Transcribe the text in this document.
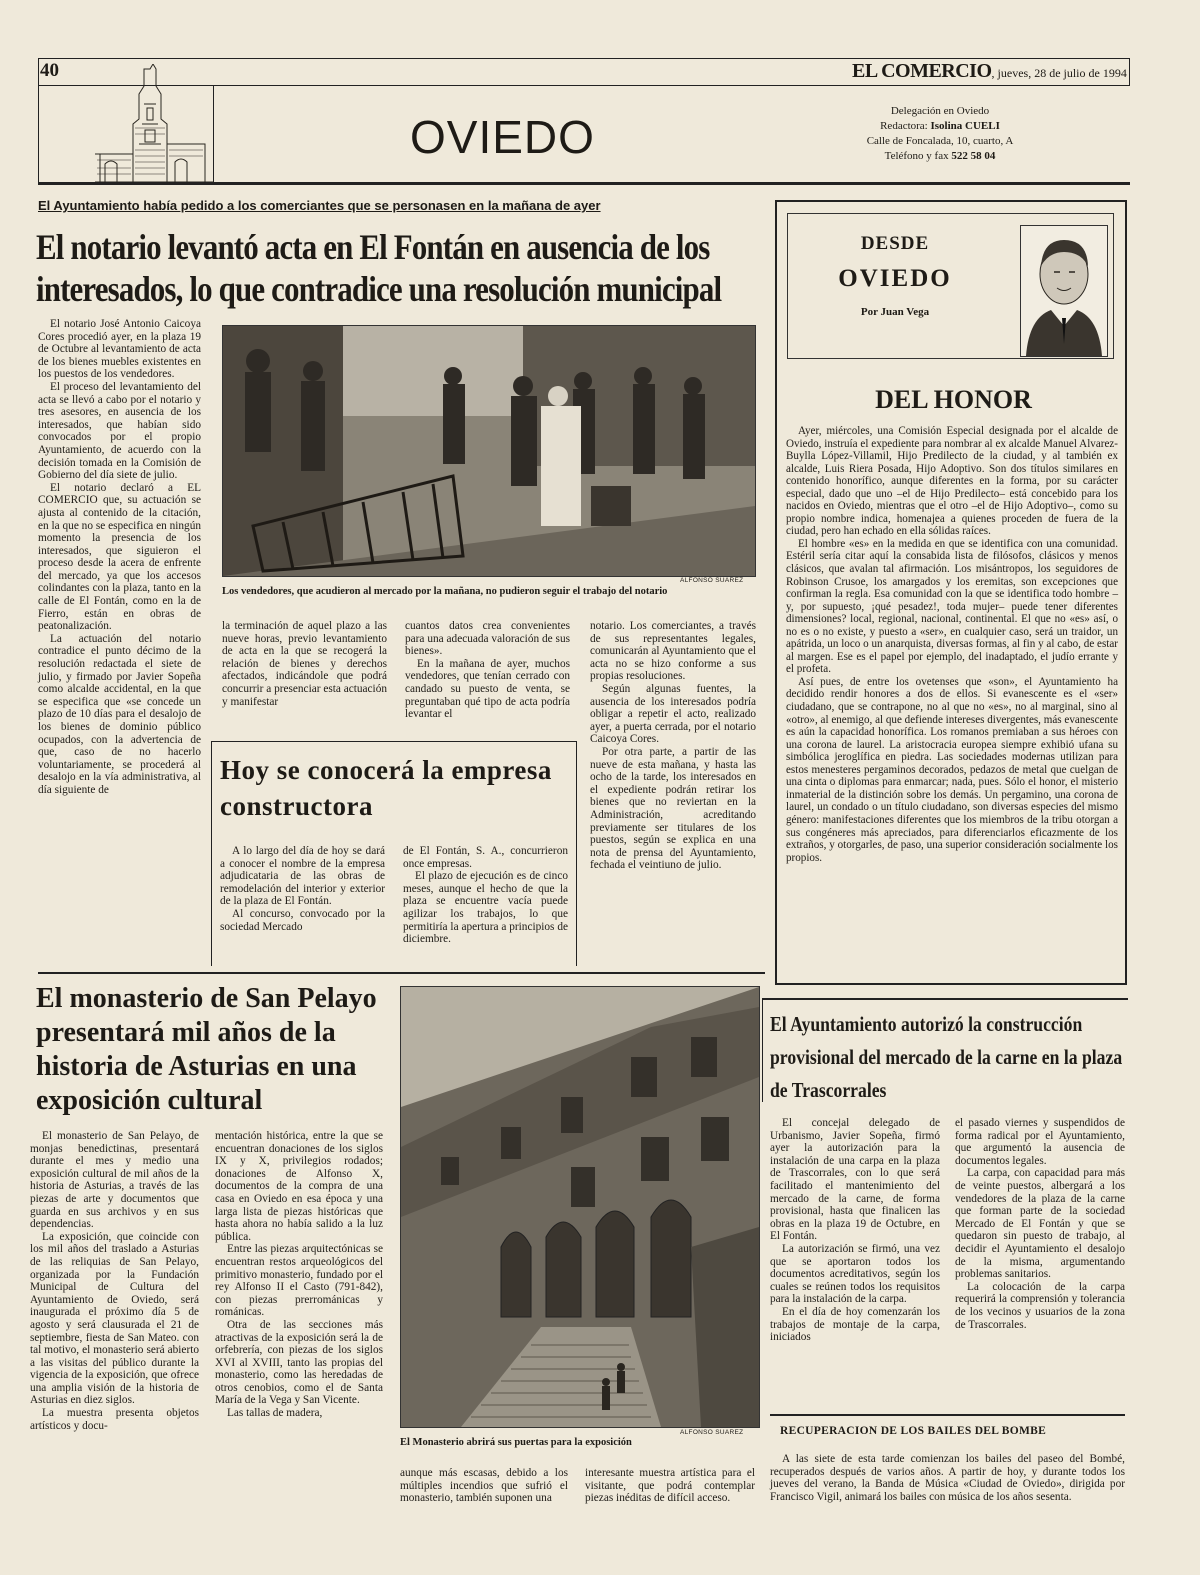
40	EL COMERCIO, jueves, 28 de julio de 1994
OVIEDO	Delegación en Oviedo
Redactora: Isolina CUELI
Calle de Foncalada, 10, cuarto, A
Teléfono y fax 522 58 04
El Ayuntamiento había pedido a los comerciantes que se personasen en la mañana de ayer
El notario levantó acta en El Fontán en ausencia de los interesados, lo que contradice una resolución municipal

El notario José Antonio Caicoya Cores procedió ayer, en la plaza 19 de Octubre al levantamiento de acta de los bienes muebles existentes en los puestos de los vendedores.

El proceso del levantamiento del acta se llevó a cabo por el notario y tres asesores, en ausencia de los interesados, que habían sido convocados por el propio Ayuntamiento, de acuerdo con la decisión tomada en la Comisión de Gobierno del día siete de julio.

El notario declaró a EL COMERCIO que, su actuación se ajusta al contenido de la citación, en la que no se especifica en ningún momento la presencia de los interesados, que siguieron el proceso desde la acera de enfrente del mercado, ya que los accesos colindantes con la plaza, tanto en la calle de El Fontán, como en la de Fierro, están en obras de peatonalización.

La actuación del notario contradice el punto décimo de la resolución redactada el siete de julio, y firmado por Javier Sopeña como alcalde accidental, en la que se especifica que «se concede un plazo de 10 días para el desalojo de los bienes de dominio público ocupados, con la advertencia de que, caso de no hacerlo voluntariamente, se procederá al desalojo en la vía administrativa, al día siguiente de

ALFONSO SUAREZ
Los vendedores, que acudieron al mercado por la mañana, no pudieron seguir el trabajo del notario

la terminación de aquel plazo a las nueve horas, previo levantamiento de acta en la que se recogerá la relación de bienes y derechos afectados, indicándole que podrá concurrir a presenciar esta actuación y manifestar

cuantos datos crea convenientes para una adecuada valoración de sus bienes».

En la mañana de ayer, muchos vendedores, que tenían cerrado con candado su puesto de venta, se preguntaban qué tipo de acta podría levantar el

notario. Los comerciantes, a través de sus representantes legales, comunicarán al Ayuntamiento que el acta no se hizo conforme a sus propias resoluciones.

Según algunas fuentes, la ausencia de los interesados podría obligar a repetir el acto, realizado ayer, a puerta cerrada, por el notario Caicoya Cores.

Por otra parte, a partir de las nueve de esta mañana, y hasta las ocho de la tarde, los interesados en el expediente podrán retirar los bienes que no reviertan en la Administración, acreditando previamente ser titulares de los puestos, según se explica en una nota de prensa del Ayuntamiento, fechada el veintiuno de julio.

Hoy se conocerá la empresa constructora

A lo largo del día de hoy se dará a conocer el nombre de la empresa adjudicataria de las obras de remodelación del interior y exterior de la plaza de El Fontán.

Al concurso, convocado por la sociedad Mercado

de El Fontán, S. A., concurrieron once empresas.

El plazo de ejecución es de cinco meses, aunque el hecho de que la plaza se encuentre vacía puede agilizar los trabajos, lo que permitiría la apertura a principios de diciembre.

DESDE
OVIEDO
Por Juan Vega
DEL HONOR

Ayer, miércoles, una Comisión Especial designada por el alcalde de Oviedo, instruía el expediente para nombrar al ex alcalde Manuel Alvarez-Buylla López-Villamil, Hijo Predilecto de la ciudad, y al también ex alcalde, Luis Riera Posada, Hijo Adoptivo. Son dos títulos similares en contenido honorífico, aunque diferentes en la forma, por su carácter especial, dado que uno –el de Hijo Predilecto– está concebido para los nacidos en Oviedo, mientras que el otro –el de Hijo Adoptivo–, como su propio nombre indica, homenajea a quienes proceden de fuera de la ciudad, pero han echado en ella sólidas raíces.

El hombre «es» en la medida en que se identifica con una comunidad. Estéril sería citar aquí la consabida lista de filósofos, clásicos y menos clásicos, que avalan tal afirmación. Los misántropos, los seguidores de Robinson Crusoe, los amargados y los eremitas, son excepciones que confirman la regla. Esa comunidad con la que se identifica todo hombre –y, por supuesto, ¡qué pesadez!, toda mujer– puede tener diferentes dimensiones? local, regional, nacional, continental. El que no «es» así, o no es o no existe, y puesto a «ser», en cualquier caso, será un traidor, un apátrida, un loco o un anarquista, diversas formas, al fin y al cabo, de estar al margen. Ese es el papel por ejemplo, del inadaptado, el judío errante y el profeta.

Así pues, de entre los ovetenses que «son», el Ayuntamiento ha decidido rendir honores a dos de ellos. Si evanescente es el «ser» ciudadano, que se contrapone, no al que no «es», no al marginal, sino al «otro», al enemigo, al que defiende intereses divergentes, más evanescente es aún la capacidad honorífica. Los romanos premiaban a sus héroes con una corona de laurel. La aristocracia europea siempre exhibió ufana su simbólica jeroglífica en piedra. Las sociedades modernas utilizan para estos menesteres pergaminos decorados, pedazos de metal que cuelgan de una cinta o diplomas para enmarcar; nada, pues. Sólo el honor, el misterio inmaterial de la distinción sobre los demás. Un pergamino, una corona de laurel, un condado o un título ciudadano, son diversas especies del mismo género: manifestaciones diferentes que los miembros de la tribu otorgan a sus congéneres más apreciados, para diferenciarlos eficazmente de los extraños, y otorgarles, de paso, una superior consideración socialmente los propios.

El monasterio de San Pelayo presentará mil años de la historia de Asturias en una exposición cultural
ALFONSO SUAREZ
El Monasterio abrirá sus puertas para la exposición

El monasterio de San Pelayo, de monjas benedictinas, presentará durante el mes y medio una exposición cultural de mil años de la historia de Asturias, a través de las piezas de arte y documentos que guarda en sus archivos y en sus dependencias.

La exposición, que coincide con los mil años del traslado a Asturias de las reliquias de San Pelayo, organizada por la Fundación Municipal de Cultura del Ayuntamiento de Oviedo, será inaugurada el próximo día 5 de agosto y será clausurada el 21 de septiembre, fiesta de San Mateo. con tal motivo, el monasterio será abierto a las visitas del público durante la vigencia de la exposición, que ofrece una amplia visión de la historia de Asturias en diez siglos.

La muestra presenta objetos artísticos y docu-

mentación histórica, entre la que se encuentran donaciones de los siglos IX y X, privilegios rodados; donaciones de Alfonso X, documentos de la compra de una casa en Oviedo en esa época y una larga lista de piezas históricas que hasta ahora no había salido a la luz pública.

Entre las piezas arquitectónicas se encuentran restos arqueológicos del primitivo monasterio, fundado por el rey Alfonso II el Casto (791-842), con piezas prerrománicas y románicas.

Otra de las secciones más atractivas de la exposición será la de orfebrería, con piezas de los siglos XVI al XVIII, tanto las propias del monasterio, como las heredadas de otros cenobios, como el de Santa María de la Vega y San Vicente.

Las tallas de madera,

aunque más escasas, debido a los múltiples incendios que sufrió el monasterio, también suponen una

interesante muestra artística para el visitante, que podrá contemplar piezas inéditas de difícil acceso.

El Ayuntamiento autorizó la construcción provisional del mercado de la carne en la plaza de Trascorrales

El concejal delegado de Urbanismo, Javier Sopeña, firmó ayer la autorización para la instalación de una carpa en la plaza de Trascorrales, con lo que será facilitado el mantenimiento del mercado de la carne, de forma provisional, hasta que finalicen las obras en la plaza 19 de Octubre, en El Fontán.

La autorización se firmó, una vez que se aportaron todos los documentos acreditativos, según los cuales se reúnen todos los requisitos para la instalación de la carpa.

En el día de hoy comenzarán los trabajos de montaje de la carpa, iniciados

el pasado viernes y suspendidos de forma radical por el Ayuntamiento, que argumentó la ausencia de documentos legales.

La carpa, con capacidad para más de veinte puestos, albergará a los vendedores de la plaza de la carne que forman parte de la sociedad Mercado de El Fontán y que se quedaron sin puesto de trabajo, al decidir el Ayuntamiento el desalojo de la misma, argumentando problemas sanitarios.

La colocación de la carpa requerirá la comprensión y tolerancia de los vecinos y usuarios de la zona de Trascorrales.

RECUPERACION DE LOS BAILES DEL BOMBE

A las siete de esta tarde comienzan los bailes del paseo del Bombé, recuperados después de varios años. A partir de hoy, y durante todos los jueves del verano, la Banda de Música «Ciudad de Oviedo», dirigida por Francisco Vigil, animará los bailes con música de los años sesenta.
